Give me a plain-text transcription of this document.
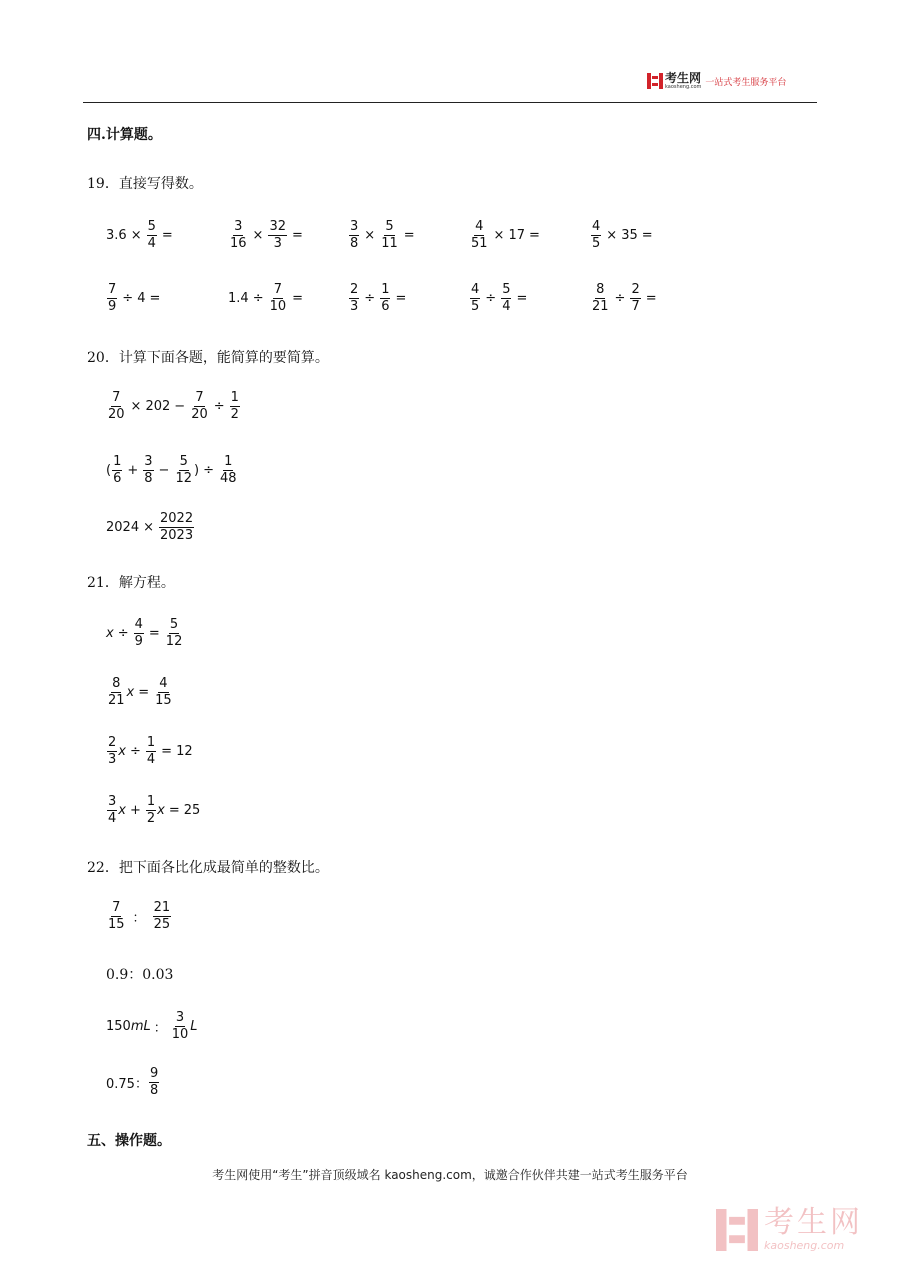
考生网
kaosheng.com 一站式考生服务平台
四.计算题。
19．直接写得数。
$3.6 \times \frac{5}{4}$ =	$\frac{3}{16} \times \frac{32}{3}$ =	$\frac{3}{8} \times \frac{5}{11}$ =	$\frac{4}{51} \times 17$ =	$\frac{4}{5} \times 35$ =
$\frac{7}{9} \div 4$ =	$1.4 \div \frac{7}{10}$ =	$\frac{2}{3} \div \frac{1}{6}$ =	$\frac{4}{5} \div \frac{5}{4}$ =	$\frac{8}{21} \div \frac{2}{7}$ =
20．计算下面各题，能简算的要简算。
$\frac{7}{20} \times 202 - \frac{7}{20} \div \frac{1}{2}$
( $\frac{1}{6} + \frac{3}{8} - \frac{5}{12}$ ) ÷ $\frac{1}{48}$
$2024 \times \frac{2022}{2023}$
21．解方程。
$x \div \frac{4}{9} = \frac{5}{12}$
$\frac{8}{21}$ $x = \frac{4}{15}$
$\frac{2}{3}$ $x \div \frac{1}{4} = 12$
$\frac{3}{4}$ $x + \frac{1}{2}$ x = 25
22．把下面各比化成最简单的整数比。
$\frac{7}{15}$ ： $\frac{21}{25}$
0.9：0.03
150 mL ： $\frac{3}{10}$ L
0.75： $\frac{9}{8}$
五、操作题。
考生网使用“考生”拼音顶级域名 kaosheng.com，诚邀合作伙伴共建一站式考生服务平台
考生网
kaosheng.com
